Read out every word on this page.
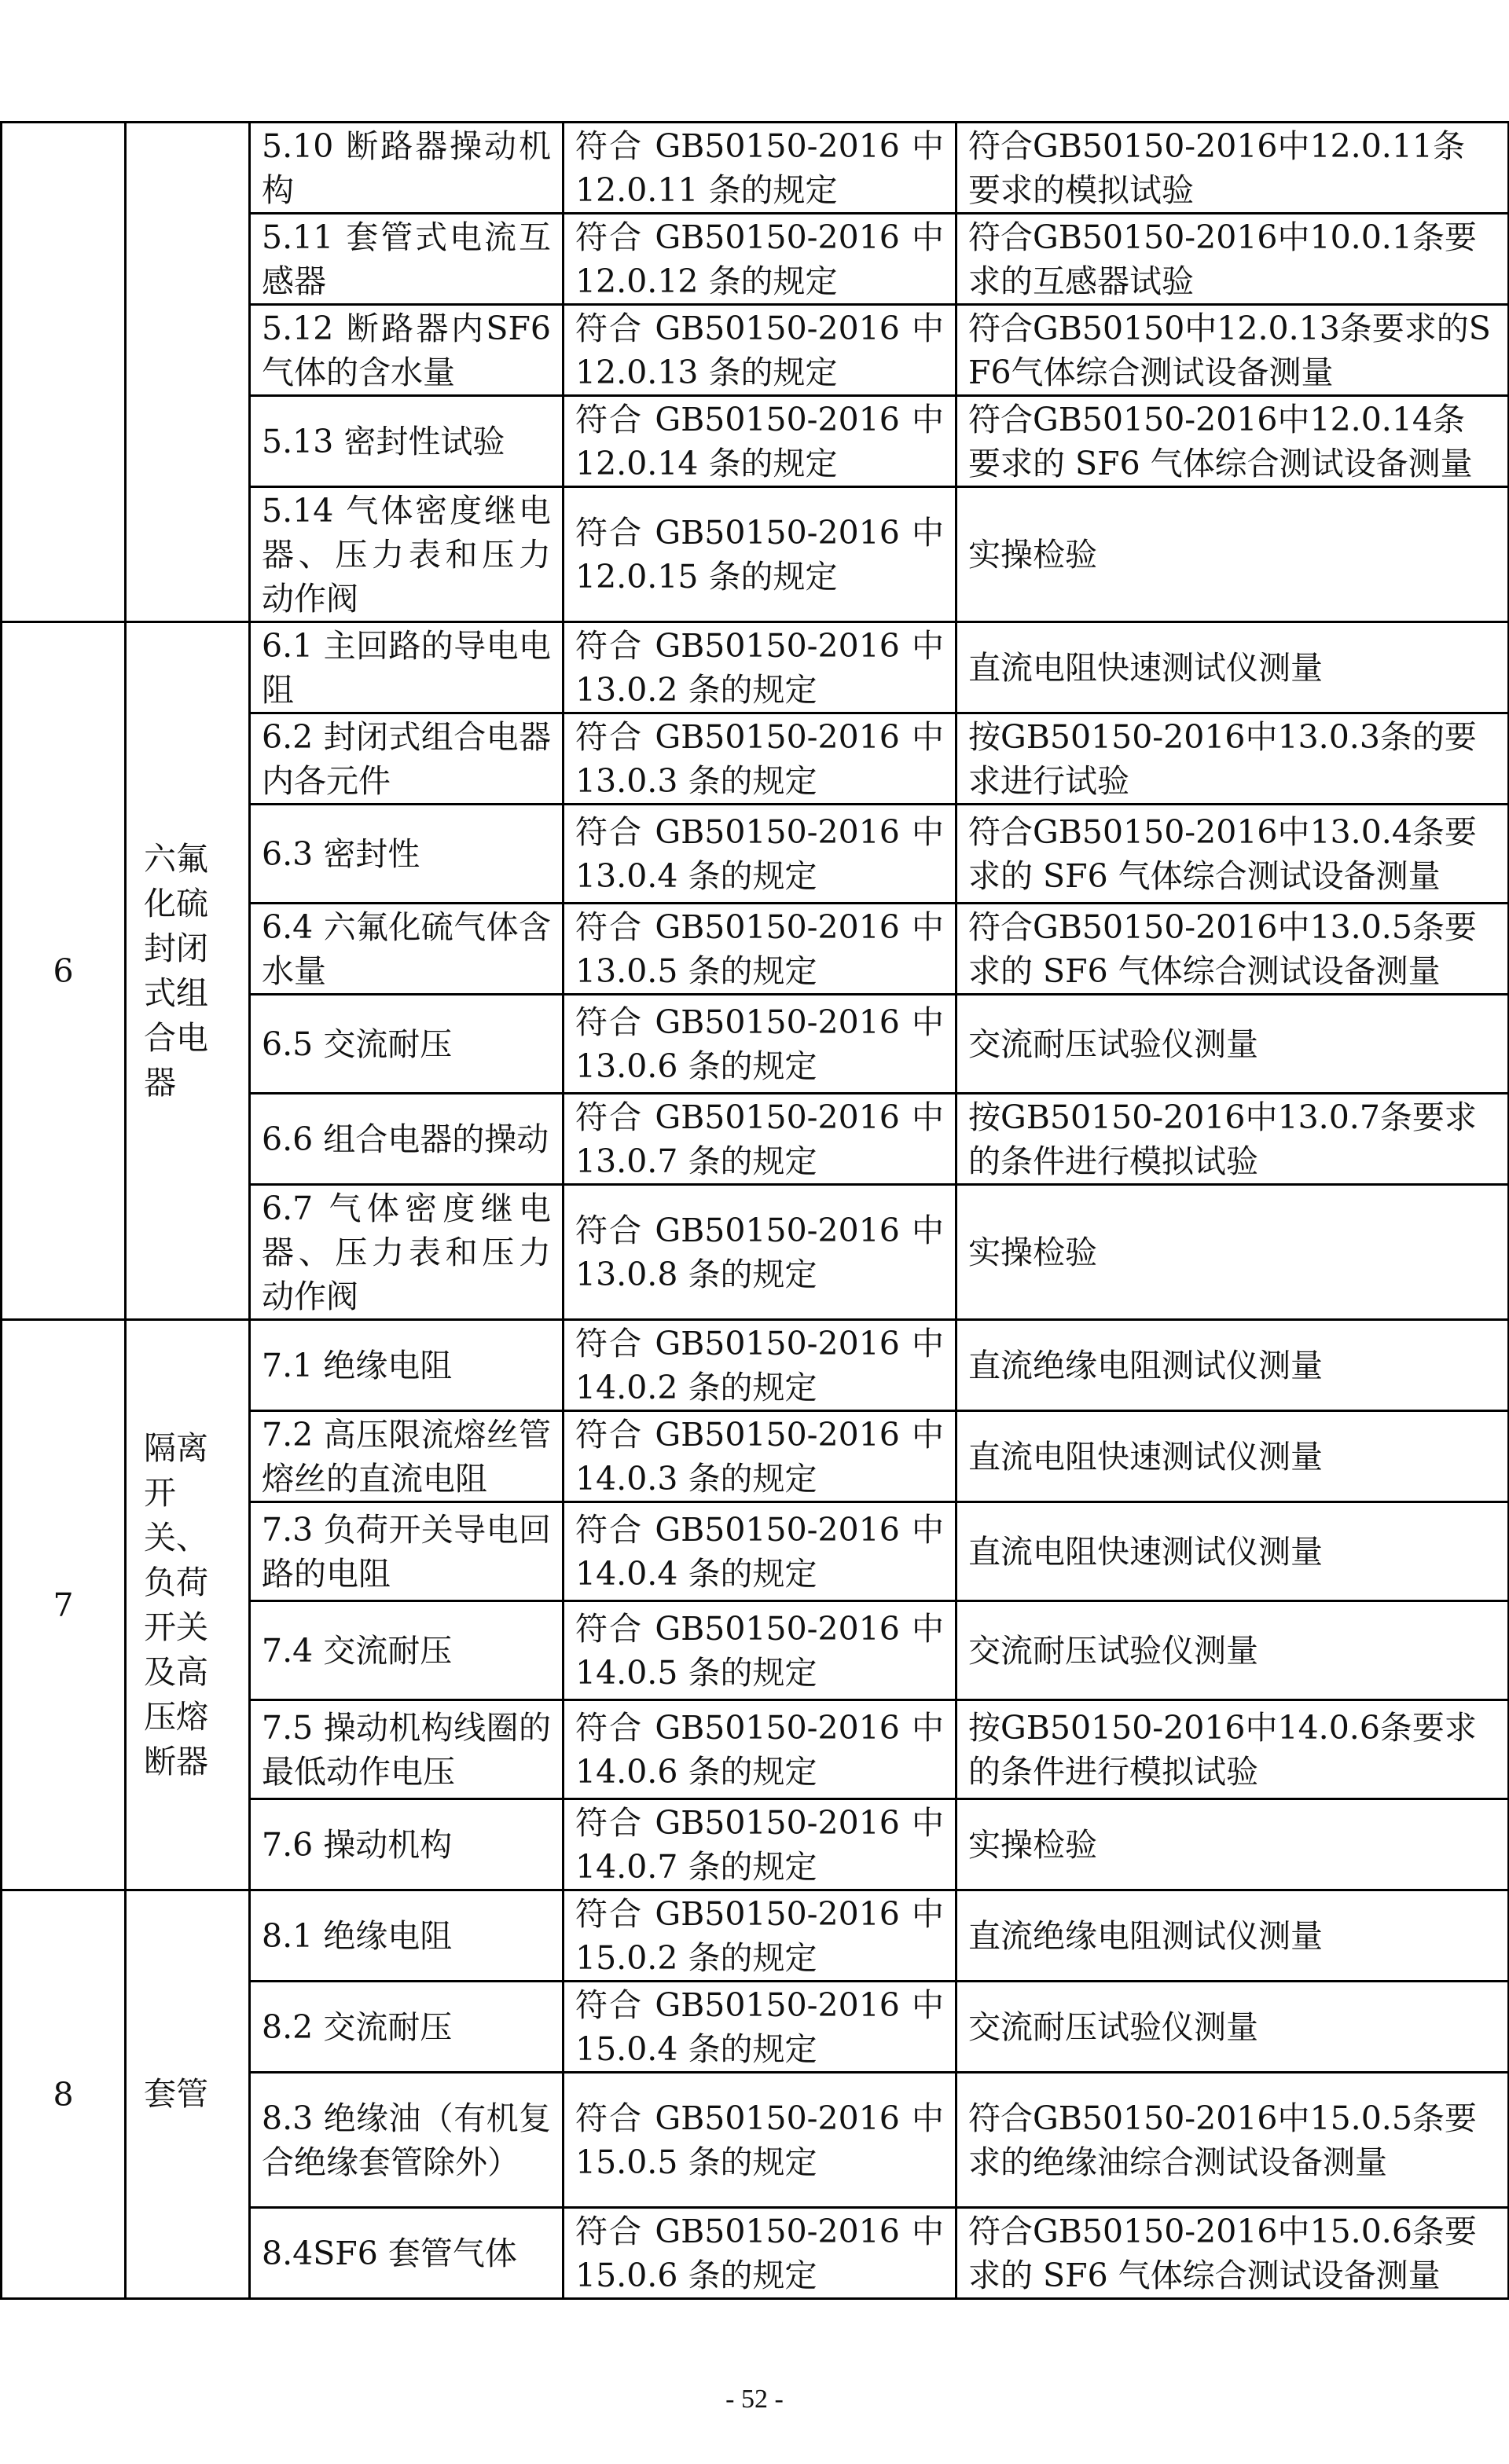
		5.10 断路器操动机构	符合 GB50150-2016 中 12.0.11 条的规定	符合GB50150-2016中12.0.11条要求的模拟试验
		5.11 套管式电流互感器	符合 GB50150-2016 中 12.0.12 条的规定	符合GB50150-2016中10.0.1条要求的互感器试验
		5.12 断路器内SF6 气体的含水量	符合 GB50150-2016 中 12.0.13 条的规定	符合GB50150中12.0.13条要求的SF6气体综合测试设备测量
		5.13 密封性试验	符合 GB50150-2016 中 12.0.14 条的规定	符合GB50150-2016中12.0.14条要求的 SF6 气体综合测试设备测量
		5.14 气体密度继电器、压力表和压力动作阀	符合 GB50150-2016 中 12.0.15 条的规定	实操检验
6	六氟化硫封闭式组合电器	6.1 主回路的导电电阻	符合 GB50150-2016 中 13.0.2 条的规定	直流电阻快速测试仪测量
		6.2 封闭式组合电器内各元件	符合 GB50150-2016 中 13.0.3 条的规定	按GB50150-2016中13.0.3条的要求进行试验
		6.3 密封性	符合 GB50150-2016 中 13.0.4 条的规定	符合GB50150-2016中13.0.4条要求的 SF6 气体综合测试设备测量
		6.4 六氟化硫气体含水量	符合 GB50150-2016 中 13.0.5 条的规定	符合GB50150-2016中13.0.5条要求的 SF6 气体综合测试设备测量
		6.5 交流耐压	符合 GB50150-2016 中 13.0.6 条的规定	交流耐压试验仪测量
		6.6 组合电器的操动	符合 GB50150-2016 中 13.0.7 条的规定	按GB50150-2016中13.0.7条要求的条件进行模拟试验
		6.7 气体密度继电器、压力表和压力动作阀	符合 GB50150-2016 中 13.0.8 条的规定	实操检验
7	隔离开关、负荷开关及高压熔断器	7.1 绝缘电阻	符合 GB50150-2016 中 14.0.2 条的规定	直流绝缘电阻测试仪测量
		7.2 高压限流熔丝管熔丝的直流电阻	符合 GB50150-2016 中 14.0.3 条的规定	直流电阻快速测试仪测量
		7.3 负荷开关导电回路的电阻	符合 GB50150-2016 中 14.0.4 条的规定	直流电阻快速测试仪测量
		7.4 交流耐压	符合 GB50150-2016 中 14.0.5 条的规定	交流耐压试验仪测量
		7.5 操动机构线圈的最低动作电压	符合 GB50150-2016 中 14.0.6 条的规定	按GB50150-2016中14.0.6条要求的条件进行模拟试验
		7.6 操动机构	符合 GB50150-2016 中 14.0.7 条的规定	实操检验
8	套管	8.1 绝缘电阻	符合 GB50150-2016 中 15.0.2 条的规定	直流绝缘电阻测试仪测量
		8.2 交流耐压	符合 GB50150-2016 中 15.0.4 条的规定	交流耐压试验仪测量
		8.3 绝缘油（有机复合绝缘套管除外）	符合 GB50150-2016 中 15.0.5 条的规定	符合GB50150-2016中15.0.5条要求的绝缘油综合测试设备测量
		8.4SF6 套管气体	符合 GB50150-2016 中 15.0.6 条的规定	符合GB50150-2016中15.0.6条要求的 SF6 气体综合测试设备测量
- 52 -
